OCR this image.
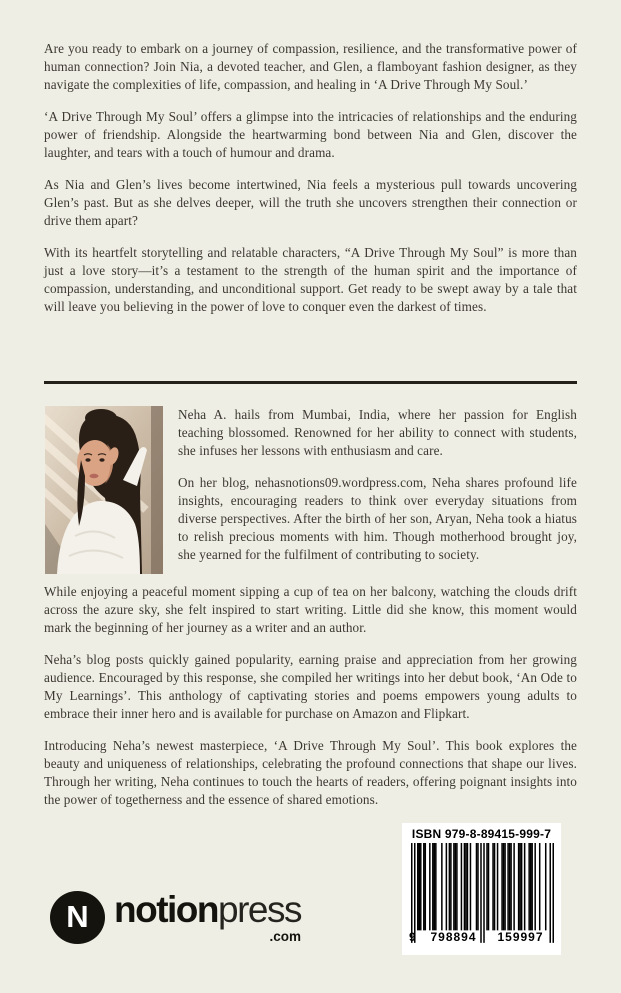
Are you ready to embark on a journey of compassion, resilience, and the transformative power of human connection? Join Nia, a devoted teacher, and Glen, a flamboyant fashion designer, as they navigate the complexities of life, compassion, and healing in ‘A Drive Through My Soul.’

‘A Drive Through My Soul’ offers a glimpse into the intricacies of relationships and the enduring power of friendship. Alongside the heartwarming bond between Nia and Glen, discover the laughter, and tears with a touch of humour and drama.

As Nia and Glen’s lives become intertwined, Nia feels a mysterious pull towards uncovering Glen’s past. But as she delves deeper, will the truth she uncovers strengthen their connection or drive them apart?

With its heartfelt storytelling and relatable characters, “A Drive Through My Soul” is more than just a love story—it’s a testament to the strength of the human spirit and the importance of compassion, understanding, and unconditional support. Get ready to be swept away by a tale that will leave you believing in the power of love to conquer even the darkest of times.

Neha A. hails from Mumbai, India, where her passion for English teaching blossomed. Renowned for her ability to connect with students, she infuses her lessons with enthusiasm and care.

On her blog, nehasnotions09.wordpress.com, Neha shares profound life insights, encouraging readers to think over everyday situations from diverse perspectives. After the birth of her son, Aryan, Neha took a hiatus to relish precious moments with him. Though motherhood brought joy, she yearned for the fulfilment of contributing to society.

While enjoying a peaceful moment sipping a cup of tea on her balcony, watching the clouds drift across the azure sky, she felt inspired to start writing. Little did she know, this moment would mark the beginning of her journey as a writer and an author.

Neha’s blog posts quickly gained popularity, earning praise and appreciation from her growing audience. Encouraged by this response, she compiled her writings into her debut book, ‘An Ode to My Learnings’. This anthology of captivating stories and poems empowers young adults to embrace their inner hero and is available for purchase on Amazon and Flipkart.

Introducing Neha’s newest masterpiece, ‘A Drive Through My Soul’. This book explores the beauty and uniqueness of relationships, celebrating the profound connections that shape our lives. Through her writing, Neha continues to touch the hearts of readers, offering poignant insights into the power of togetherness and the essence of shared emotions.

N notionpress
.com
ISBN 979-8-89415-999-7
9	798894	159997
